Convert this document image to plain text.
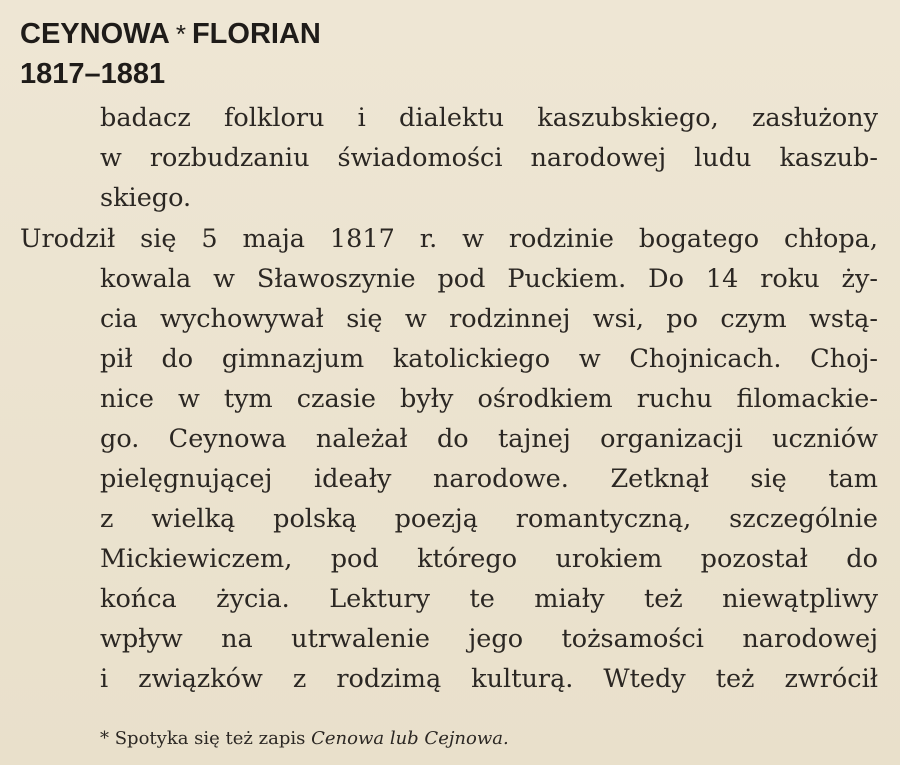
CEYNOWA * FLORIAN
1817–1881
badacz folkloru i dialektu kaszubskiego, zasłużony
w rozbudzaniu świadomości narodowej ludu kaszub-
skiego.
Urodził się 5 maja 1817 r. w rodzinie bogatego chłopa,
kowala w Sławoszynie pod Puckiem. Do 14 roku ży-
cia wychowywał się w rodzinnej wsi, po czym wstą-
pił do gimnazjum katolickiego w Chojnicach. Choj-
nice w tym czasie były ośrodkiem ruchu filomackie-
go. Ceynowa należał do tajnej organizacji uczniów
pielęgnującej ideały narodowe. Zetknął się tam
z wielką polską poezją romantyczną, szczególnie
Mickiewiczem, pod którego urokiem pozostał do
końca życia. Lektury te miały też niewątpliwy
wpływ na utrwalenie jego tożsamości narodowej
i związków z rodzimą kulturą. Wtedy też zwrócił
* Spotyka się też zapis Cenowa lub Cejnowa.
